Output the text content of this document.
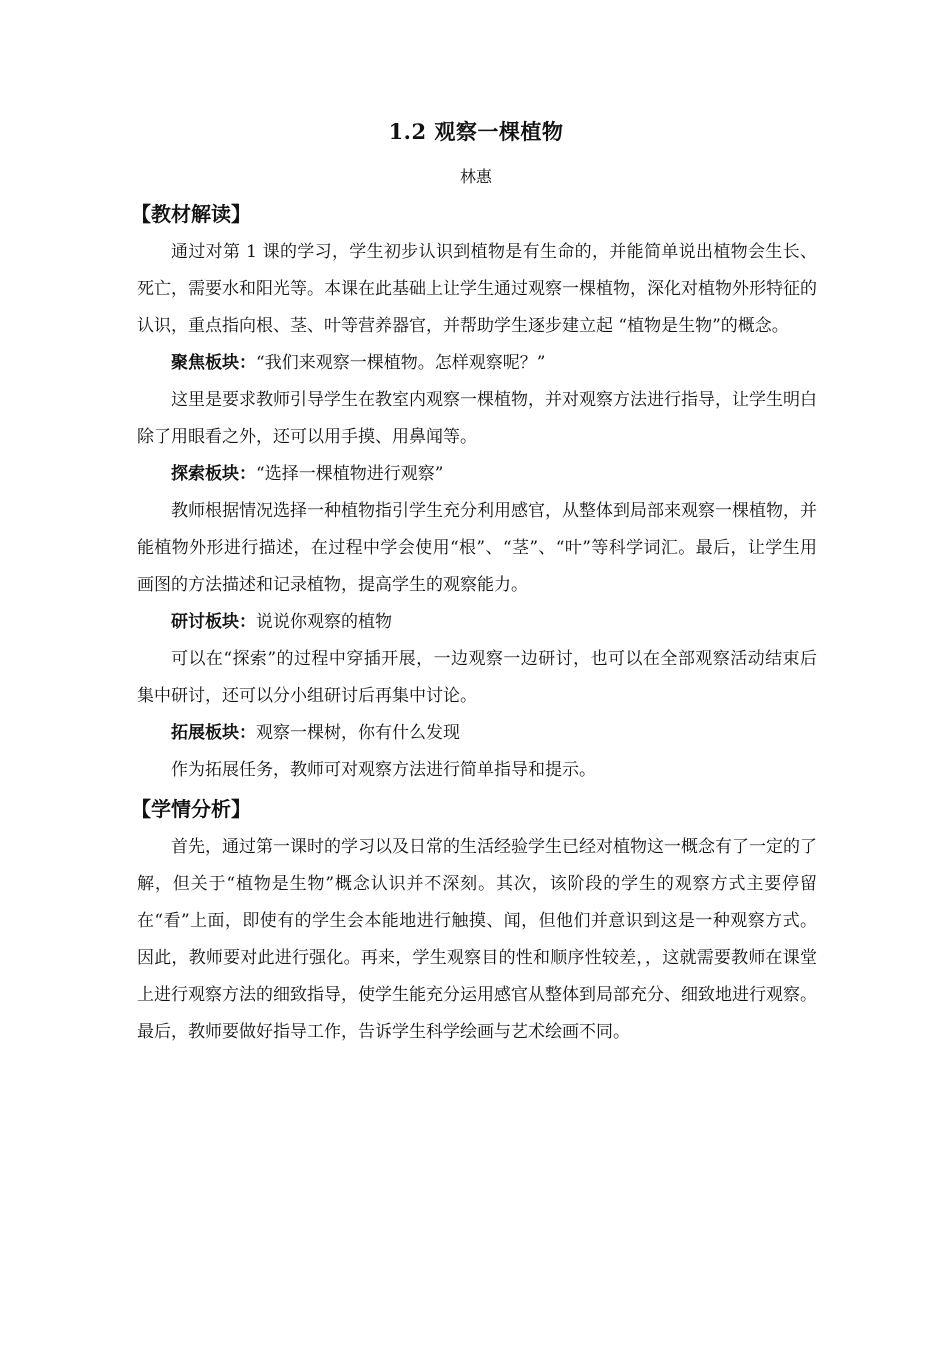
1.2 观察一棵植物
林惠
【教材解读】

通过对第 1 课的学习，学生初步认识到植物是有生命的，并能简单说出植物会生长、死亡，需要水和阳光等。本课在此基础上让学生通过观察一棵植物，深化对植物外形特征的认识，重点指向根、茎、叶等营养器官，并帮助学生逐步建立起 “植物是生物”的概念。

聚焦板块：“我们来观察一棵植物。怎样观察呢？”

这里是要求教师引导学生在教室内观察一棵植物，并对观察方法进行指导，让学生明白除了用眼看之外，还可以用手摸、用鼻闻等。

探索板块：“选择一棵植物进行观察”

教师根据情况选择一种植物指引学生充分利用感官，从整体到局部来观察一棵植物，并能植物外形进行描述，在过程中学会使用“根”、“茎”、“叶”等科学词汇。最后，让学生用画图的方法描述和记录植物，提高学生的观察能力。

研讨板块：说说你观察的植物

可以在“探索”的过程中穿插开展，一边观察一边研讨，也可以在全部观察活动结束后集中研讨，还可以分小组研讨后再集中讨论。

拓展板块：观察一棵树，你有什么发现

作为拓展任务，教师可对观察方法进行简单指导和提示。

【学情分析】

首先，通过第一课时的学习以及日常的生活经验学生已经对植物这一概念有了一定的了解，但关于“植物是生物”概念认识并不深刻。其次，该阶段的学生的观察方式主要停留在“看”上面，即使有的学生会本能地进行触摸、闻，但他们并意识到这是一种观察方式。因此，教师要对此进行强化。再来，学生观察目的性和顺序性较差，，这就需要教师在课堂上进行观察方法的细致指导，使学生能充分运用感官从整体到局部充分、细致地进行观察。最后，教师要做好指导工作，告诉学生科学绘画与艺术绘画不同。
